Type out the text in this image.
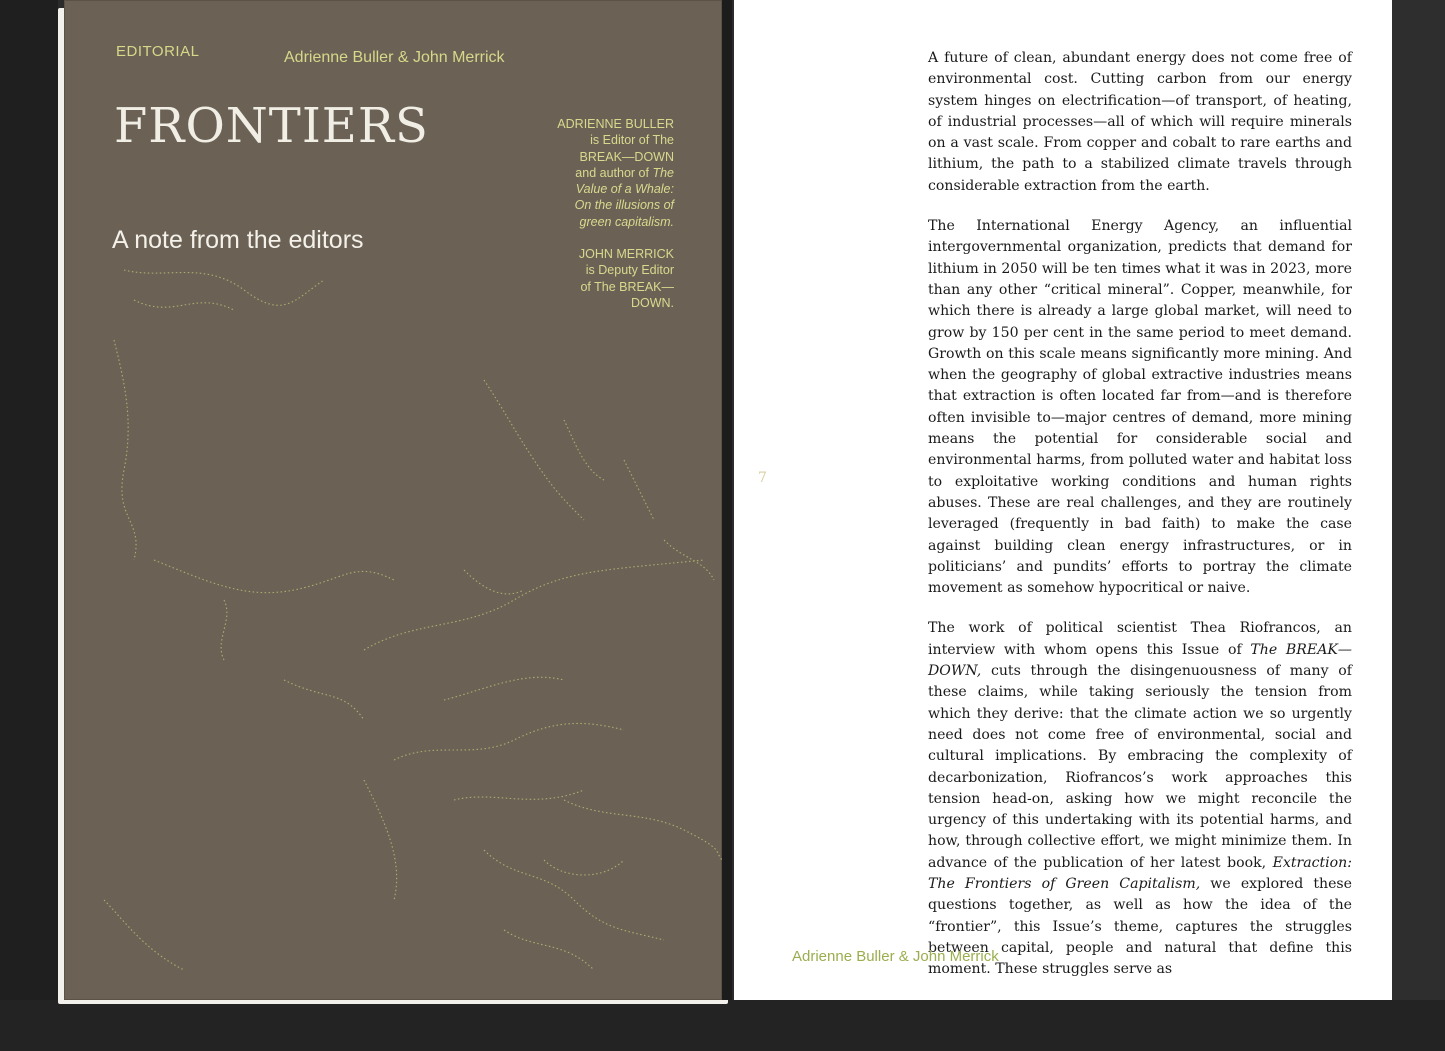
EDITORIAL	Adrienne Buller & John Merrick
FRONTIERS
A note from the editors

ADRIENNE BULLER
is Editor of The
BREAK—DOWN
and author of The
Value of a Whale:
On the illusions of
green capitalism.

JOHN MERRICK
is Deputy Editor
of The BREAK—
DOWN.

7

A future of clean, abundant energy does not come free of environmental cost. Cutting carbon from our energy system hinges on electrification—of transport, of heating, of industrial processes—all of which will require minerals on a vast scale. From copper and cobalt to rare earths and lithium, the path to a stabilized climate travels through considerable extraction from the earth.

The International Energy Agency, an influential intergovernmental organization, predicts that demand for lithium in 2050 will be ten times what it was in 2023, more than any other “critical mineral”. Copper, meanwhile, for which there is already a large global market, will need to grow by 150 per cent in the same period to meet demand. Growth on this scale means significantly more mining. And when the geography of global extractive industries means that extraction is often located far from—and is therefore often invisible to—major centres of demand, more mining means the potential for considerable social and environmental harms, from polluted water and habitat loss to exploitative working conditions and human rights abuses. These are real challenges, and they are routinely leveraged (frequently in bad faith) to make the case against building clean energy infrastructures, or in politicians’ and pundits’ efforts to portray the climate movement as somehow hypocritical or naive.

The work of political scientist Thea Riofrancos, an interview with whom opens this Issue of The BREAK—DOWN, cuts through the disingenuousness of many of these claims, while taking seriously the tension from which they derive: that the climate action we so urgently need does not come free of environmental, social and cultural implications. By embracing the complexity of decarbonization, Riofrancos’s work approaches this tension head-on, asking how we might reconcile the urgency of this undertaking with its potential harms, and how, through collective effort, we might minimize them. In advance of the publication of her latest book, Extraction: The Frontiers of Green Capitalism, we explored these questions together, as well as how the idea of the “frontier”, this Issue’s theme, captures the struggles between capital, people and natural that define this moment. These struggles serve as

Adrienne Buller & John Merrick
